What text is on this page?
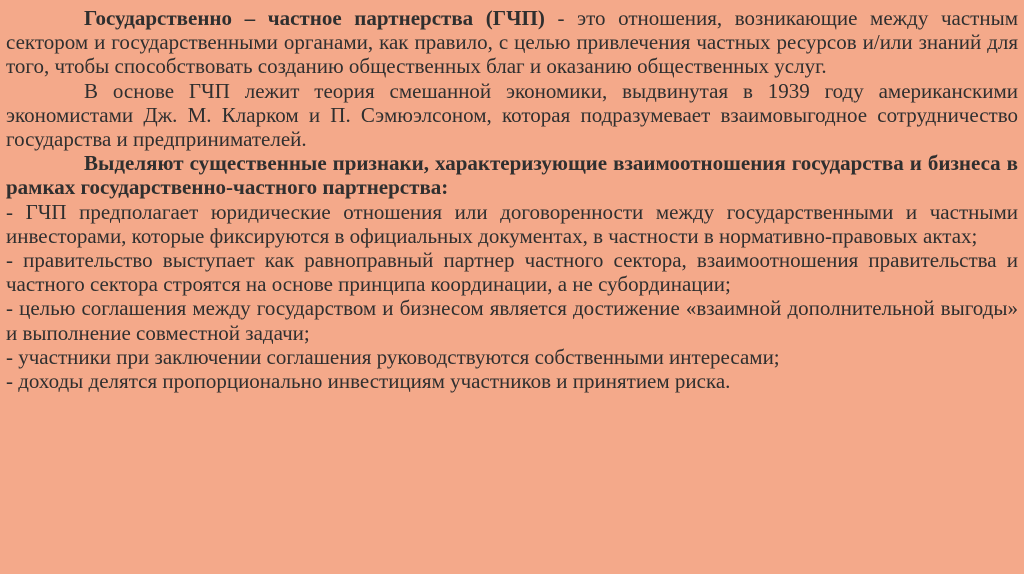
Государственно – частное партнерства (ГЧП) - это отношения, возникающие между частным сектором и государственными органами, как правило, с целью привлечения частных ресурсов и/или знаний для того, чтобы способствовать созданию общественных благ и оказанию общественных услуг.

В основе ГЧП лежит теория смешанной экономики, выдвинутая в 1939 году американскими экономистами Дж. М. Кларком и П. Сэмюэлсоном, которая подразумевает взаимовыгодное сотрудничество государства и предпринимателей.

Выделяют существенные признаки, характеризующие взаимоотношения государства и бизнеса в рамках государственно-частного партнерства:

- ГЧП предполагает юридические отношения или договоренности между государственными и частными инвесторами, которые фиксируются в официальных документах, в частности в нормативно-правовых актах;

- правительство выступает как равноправный партнер частного сектора, взаимоотношения правительства и частного сектора строятся на основе принципа координации, а не субординации;

- целью соглашения между государством и бизнесом является достижение «взаимной дополнительной выгоды» и выполнение совместной задачи;

- участники при заключении соглашения руководствуются собственными интересами;

- доходы делятся пропорционально инвестициям участников и принятием риска.
